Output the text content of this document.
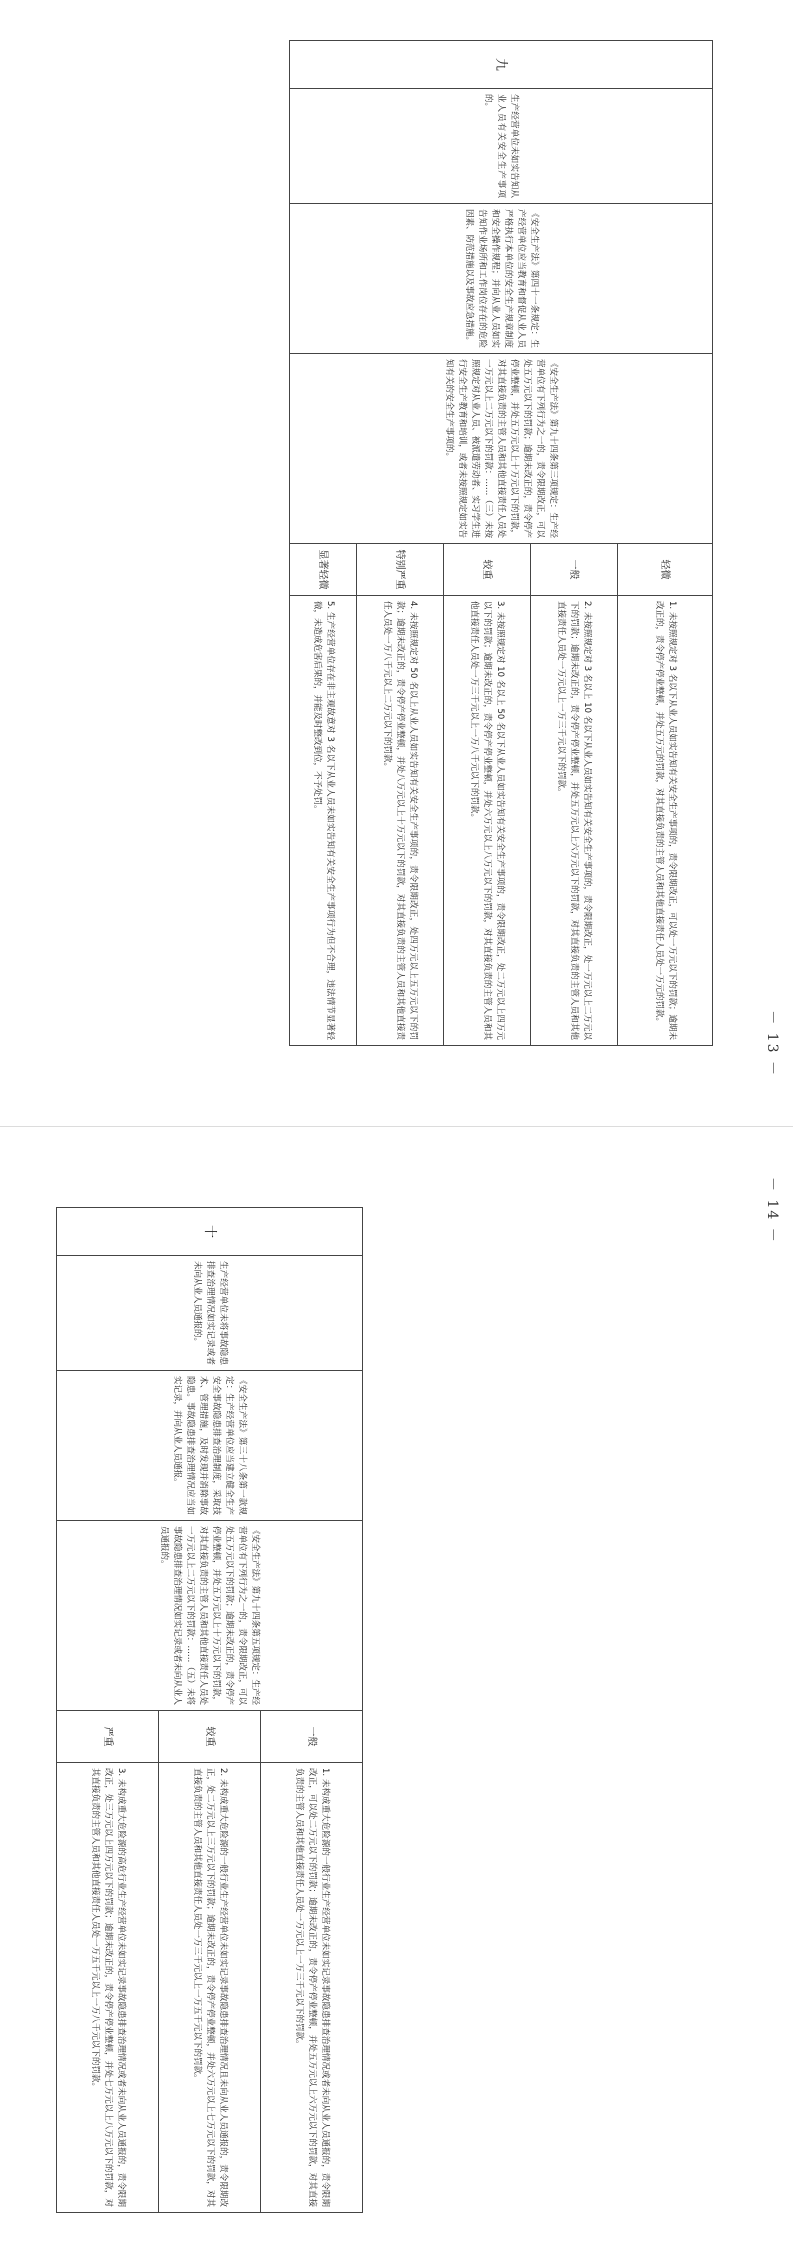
－ 13 －
九	生产经营单位未如实告知从业人员有关安全生产事项的。	《安全生产法》第四十一条规定：生产经营单位应当教育和督促从业人员严格执行本单位的安全生产规章制度和安全操作规程；并向从业人员如实告知作业场所和工作岗位存在的危险因素、防范措施以及事故应急措施。	《安全生产法》第九十四条第三项规定：生产经营单位有下列行为之一的，责令限期改正，可以处五万元以下的罚款；逾期未改正的，责令停产停业整顿，并处五万元以上十万元以下的罚款，对其直接负责的主管人员和其他直接责任人员处一万元以上二万元以下的罚款：……（三）未按照规定对从业人员、被派遣劳动者、实习学生进行安全生产教育和培训，或者未按照规定如实告知有关的安全生产事项的。	轻微	1. 未按照规定对 3 名以下从业人员如实告知有关安全生产事项的，责令限期改正，可以处一万元以下的罚款；逾期未改正的，责令停产停业整顿，并处五万元的罚款，对其直接负责的主管人员和其他直接责任人员处一万元的罚款。
				一般	2. 未按照规定对 3 名以上 10 名以下从业人员如实告知有关安全生产事项的，责令限期改正，处一万元以上二万元以下的罚款；逾期未改正的，责令停产停业整顿，并处五万元以上六万元以下的罚款，对其直接负责的主管人员和其他直接责任人员处一万元以上一万三千元以下的罚款。
				较重	3. 未按照规定对 10 名以上 50 名以下从业人员如实告知有关安全生产事项的，责令限期改正，处二万元以上四万元以下的罚款；逾期未改正的，责令停产停业整顿，并处六万元以上八万元以下的罚款，对其直接负责的主管人员和其他直接责任人员处一万三千元以上一万八千元以下的罚款。
				特别严重	4. 未按照规定对 50 名以上从业人员如实告知有关安全生产事项的，责令限期改正，处四万元以上五万元以下的罚款；逾期未改正的，责令停产停业整顿，并处八万元以上十万元以下的罚款，对其直接负责的主管人员和其他直接责任人员处一万八千元以上二万元以下的罚款。
				显著轻微	5. 生产经营单位存在非主观故意对 3 名以下从业人员未如实告知有关安全生产事项行为但不合理，违法情节显著轻微，未造成危害后果的，并能及时整改到位，不予处罚。
－ 14 －
十	生产经营单位未将事故隐患排查治理情况如实记录或者未向从业人员通报的。	《安全生产法》第三十八条第一款规定：生产经营单位应当建立健全生产安全事故隐患排查治理制度，采取技术、管理措施，及时发现并消除事故隐患。事故隐患排查治理情况应当如实记录，并向从业人员通报。	《安全生产法》第九十四条第五项规定：生产经营单位有下列行为之一的，责令限期改正，可以处五万元以下的罚款；逾期未改正的，责令停产停业整顿，并处五万元以上十万元以下的罚款，对其直接负责的主管人员和其他直接责任人员处一万元以上二万元以下的罚款：……（五）未将事故隐患排查治理情况如实记录或者未向从业人员通报的。	一般	1. 未构成重大危险源的一般行业生产经营单位未如实记录事故隐患排查治理情况或者未向从业人员通报的，责令限期改正，可以处二万元以下的罚款；逾期未改正的，责令停产停业整顿，并处五万元以上六万元以下的罚款，对其直接负责的主管人员和其他直接责任人员处一万元以上一万三千元以下的罚款。
				较重	2. 未构成重大危险源的一般行业生产经营单位未如实记录事故隐患排查治理情况且未向从业人员通报的，责令限期改正，处二万元以上三万元以下的罚款；逾期未改正的，责令停产停业整顿，并处六万元以上七万元以下的罚款，对其直接负责的主管人员和其他直接责任人员处一万三千元以上一万五千元以下的罚款。
				严重	3. 未构成重大危险源的高危行业生产经营单位未如实记录事故隐患排查治理情况或者未向从业人员通报的，责令限期改正，处三万元以上四万元以下的罚款；逾期未改正的，责令停产停业整顿，并处七万元以上八万元以下的罚款，对其直接负责的主管人员和其他直接责任人员处一万五千元以上一万八千元以下的罚款。
